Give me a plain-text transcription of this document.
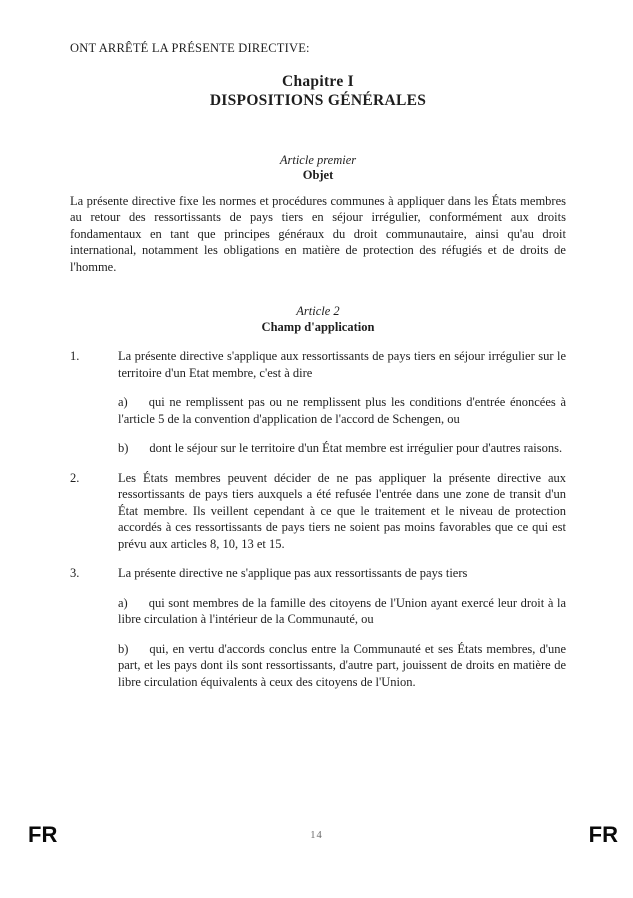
ONT ARRÊTÉ LA PRÉSENTE DIRECTIVE:

Chapitre I

DISPOSITIONS GÉNÉRALES

Article premier

Objet

La présente directive fixe les normes et procédures communes à appliquer dans les États membres au retour des ressortissants de pays tiers en séjour irrégulier, conformément aux droits fondamentaux en tant que principes généraux du droit communautaire, ainsi qu'au droit international, notamment les obligations en matière de protection des réfugiés et de droits de l'homme.

Article 2

Champ d'application

1.	La présente directive s'applique aux ressortissants de pays tiers en séjour irrégulier sur le territoire d'un Etat membre, c'est à dire

a) qui ne remplissent pas ou ne remplissent plus les conditions d'entrée énoncées à l'article 5 de la convention d'application de l'accord de Schengen, ou

b) dont le séjour sur le territoire d'un État membre est irrégulier pour d'autres raisons.

2.	Les États membres peuvent décider de ne pas appliquer la présente directive aux ressortissants de pays tiers auxquels a été refusée l'entrée dans une zone de transit d'un État membre. Ils veillent cependant à ce que le traitement et le niveau de protection accordés à ces ressortissants de pays tiers ne soient pas moins favorables que ce qui est prévu aux articles 8, 10, 13 et 15.
3.	La présente directive ne s'applique pas aux ressortissants de pays tiers

a) qui sont membres de la famille des citoyens de l'Union ayant exercé leur droit à la libre circulation à l'intérieur de la Communauté, ou

b) qui, en vertu d'accords conclus entre la Communauté et ses États membres, d'une part, et les pays dont ils sont ressortissants, d'autre part, jouissent de droits en matière de libre circulation équivalents à ceux des citoyens de l'Union.

FR	14	FR
